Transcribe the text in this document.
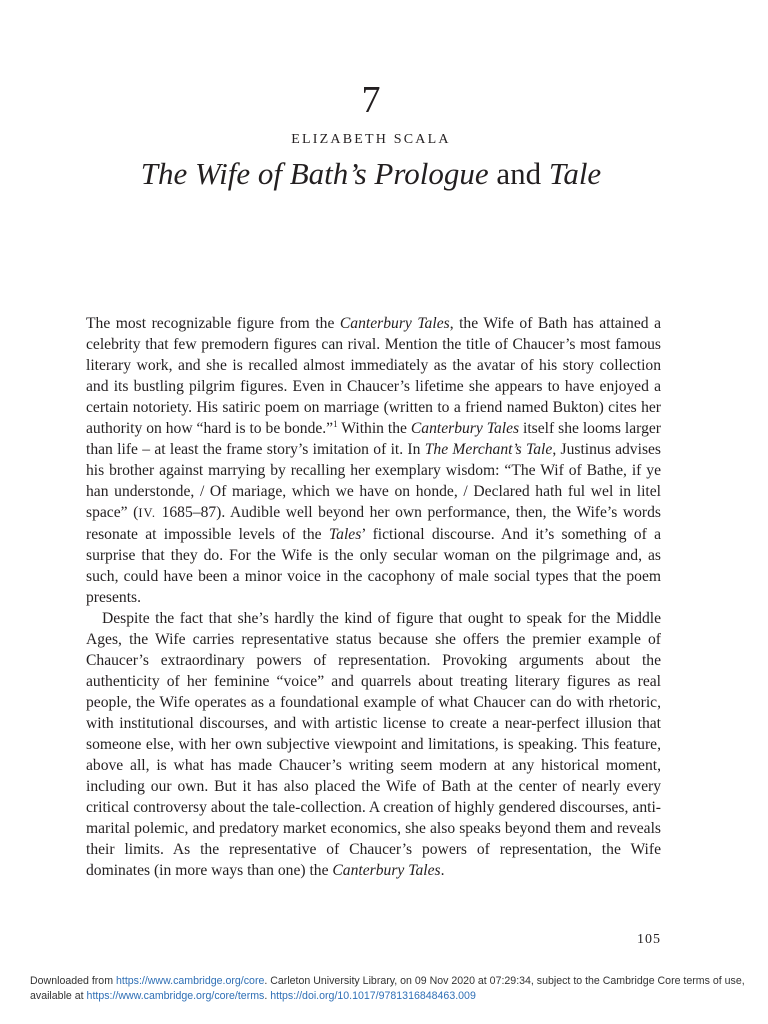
7
ELIZABETH SCALA
The Wife of Bath’s Prologue and Tale

The most recognizable figure from the Canterbury Tales, the Wife of Bath has attained a celebrity that few premodern figures can rival. Mention the title of Chaucer’s most famous literary work, and she is recalled almost immediately as the avatar of his story collection and its bustling pilgrim figures. Even in Chaucer’s lifetime she appears to have enjoyed a certain notoriety. His satiric poem on marriage (written to a friend named Bukton) cites her authority on how “hard is to be bonde.”$^1$ Within the Canterbury Tales itself she looms larger than life – at least the frame story’s imitation of it. In The Merchant’s Tale, Justinus advises his brother against marrying by recalling her exemplary wisdom: “The Wif of Bathe, if ye han understonde, / Of mariage, which we have on honde, / Declared hath ful wel in litel space” (IV. 1685–87). Audible well beyond her own performance, then, the Wife’s words resonate at impossible levels of the Tales’ fictional discourse. And it’s something of a surprise that they do. For the Wife is the only secular woman on the pilgrimage and, as such, could have been a minor voice in the cacophony of male social types that the poem presents.

Despite the fact that she’s hardly the kind of figure that ought to speak for the Middle Ages, the Wife carries representative status because she offers the premier example of Chaucer’s extraordinary powers of representation. Provoking arguments about the authenticity of her feminine “voice” and quarrels about treating literary figures as real people, the Wife operates as a foundational example of what Chaucer can do with rhetoric, with institutional discourses, and with artistic license to create a near-perfect illusion that someone else, with her own subjective viewpoint and limitations, is speaking. This feature, above all, is what has made Chaucer’s writing seem modern at any historical moment, including our own. But it has also placed the Wife of Bath at the center of nearly every critical controversy about the tale-collection. A creation of highly gendered discourses, anti-marital polemic, and predatory market economics, she also speaks beyond them and reveals their limits. As the representative of Chaucer’s powers of representation, the Wife dominates (in more ways than one) the Canterbury Tales.

105
Downloaded from https://www.cambridge.org/core. Carleton University Library, on 09 Nov 2020 at 07:29:34, subject to the Cambridge Core terms of use, available at https://www.cambridge.org/core/terms. https://doi.org/10.1017/9781316848463.009
